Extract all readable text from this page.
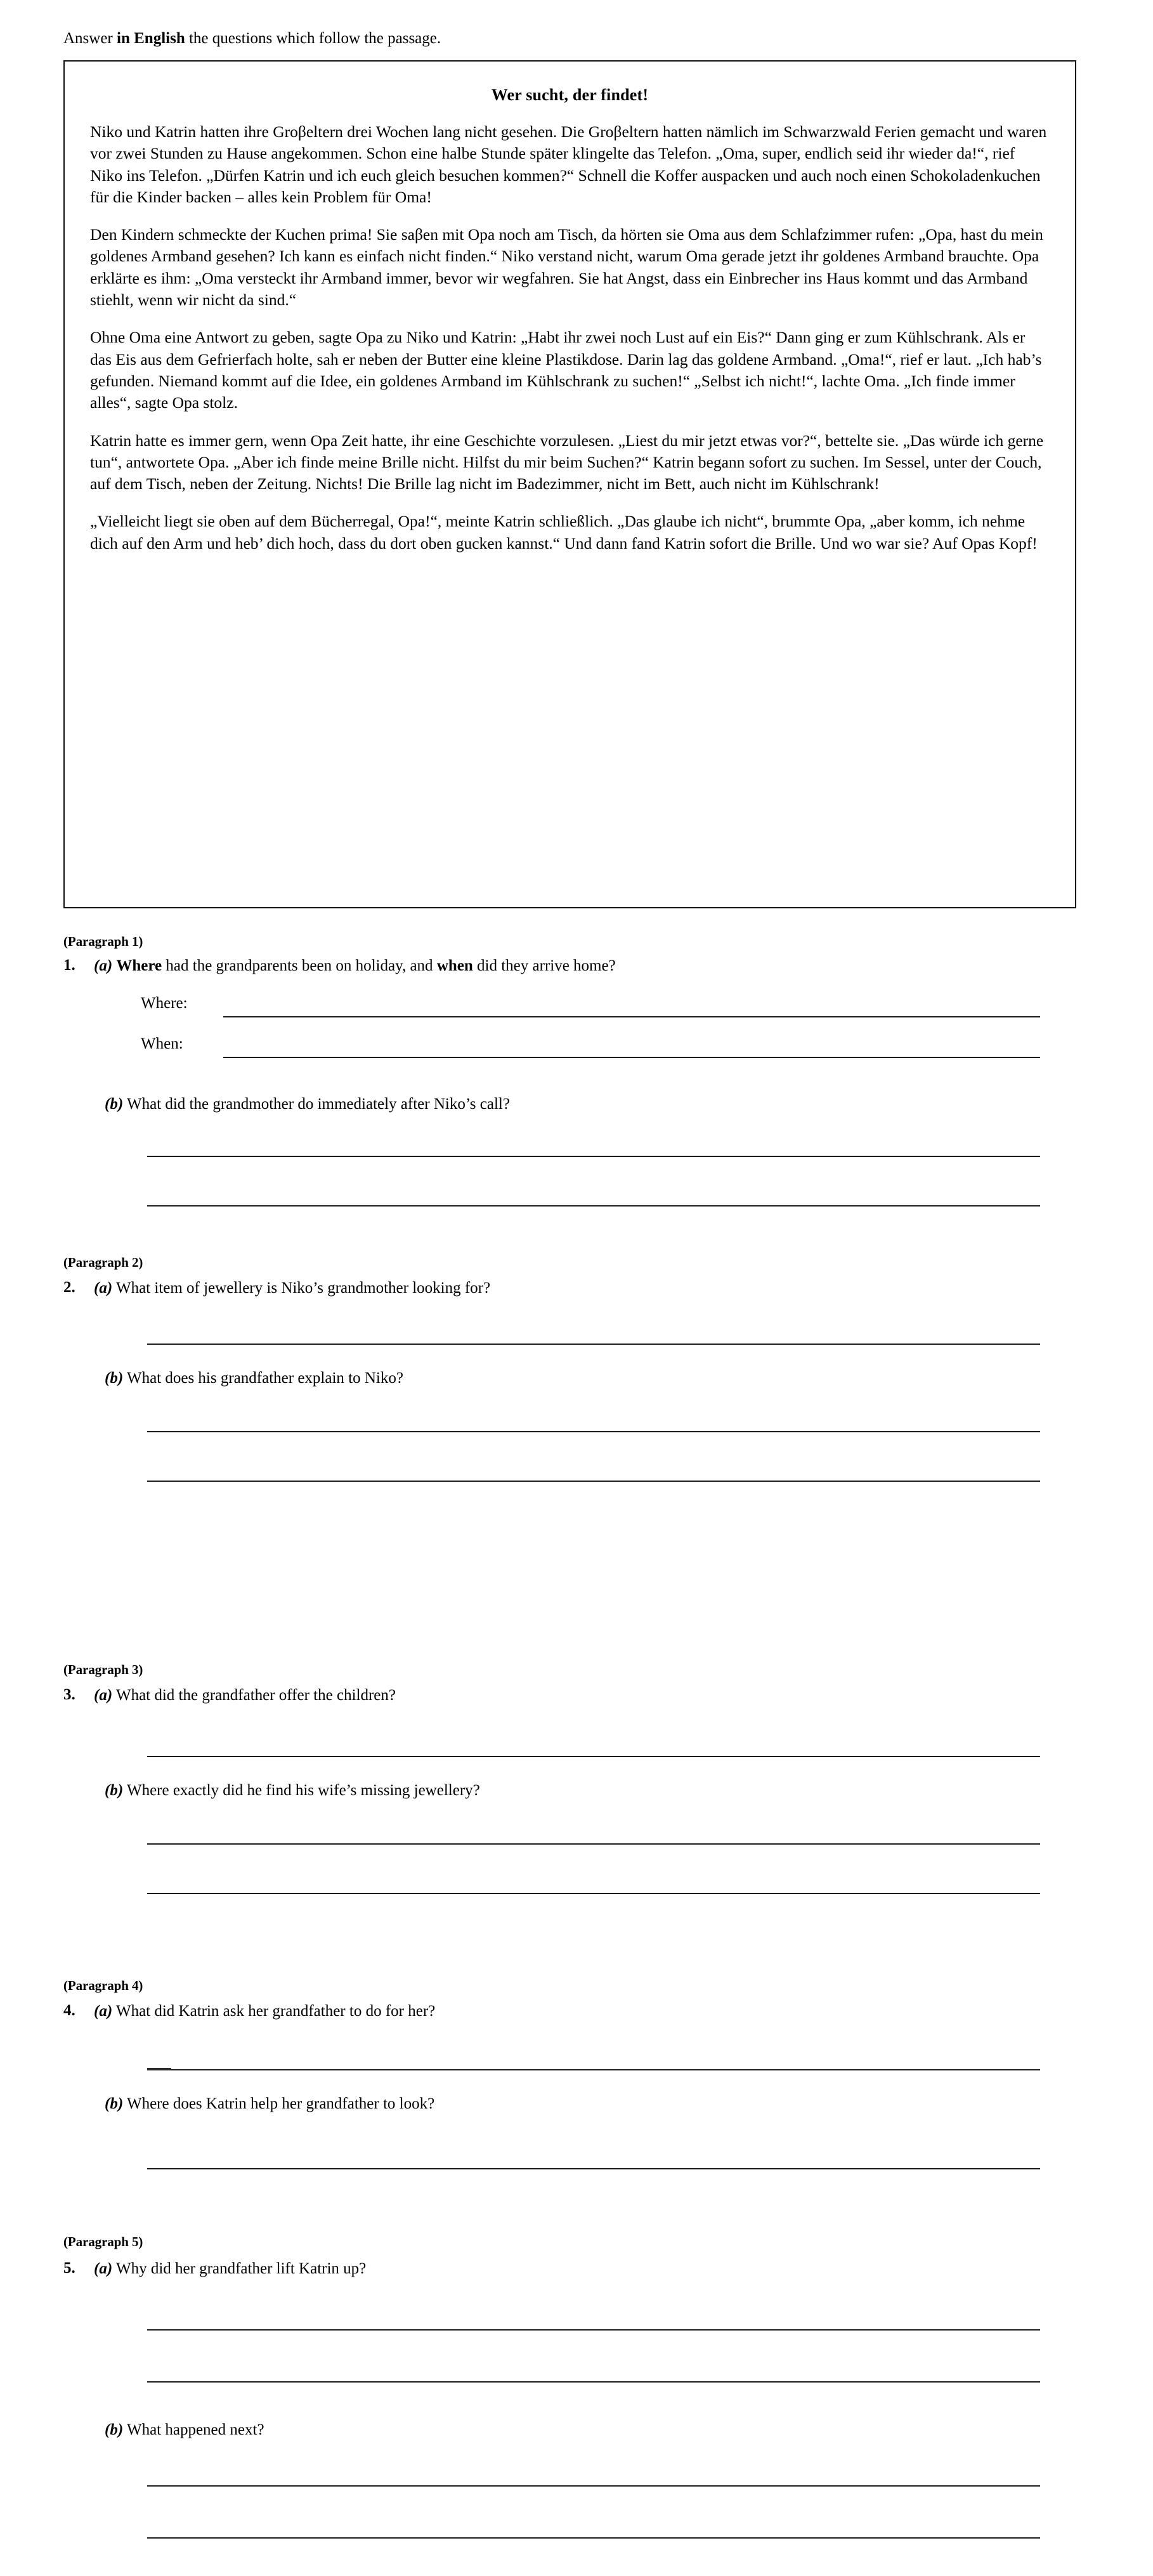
Answer in English the questions which follow the passage.
Wer sucht, der findet!

Niko und Katrin hatten ihre Groβeltern drei Wochen lang nicht gesehen. Die Groβeltern hatten nämlich im Schwarzwald Ferien gemacht und waren vor zwei Stunden zu Hause angekommen. Schon eine halbe Stunde später klingelte das Telefon. „Oma, super, endlich seid ihr wieder da!“, rief Niko ins Telefon. „Dürfen Katrin und ich euch gleich besuchen kommen?“ Schnell die Koffer auspacken und auch noch einen Schokoladenkuchen für die Kinder backen – alles kein Problem für Oma!

Den Kindern schmeckte der Kuchen prima! Sie saβen mit Opa noch am Tisch, da hörten sie Oma aus dem Schlafzimmer rufen: „Opa, hast du mein goldenes Armband gesehen? Ich kann es einfach nicht finden.“ Niko verstand nicht, warum Oma gerade jetzt ihr goldenes Armband brauchte. Opa erklärte es ihm: „Oma versteckt ihr Armband immer, bevor wir wegfahren. Sie hat Angst, dass ein Einbrecher ins Haus kommt und das Armband stiehlt, wenn wir nicht da sind.“

Ohne Oma eine Antwort zu geben, sagte Opa zu Niko und Katrin: „Habt ihr zwei noch Lust auf ein Eis?“ Dann ging er zum Kühlschrank. Als er das Eis aus dem Gefrierfach holte, sah er neben der Butter eine kleine Plastikdose. Darin lag das goldene Armband. „Oma!“, rief er laut. „Ich hab’s gefunden. Niemand kommt auf die Idee, ein goldenes Armband im Kühlschrank zu suchen!“ „Selbst ich nicht!“, lachte Oma. „Ich finde immer alles“, sagte Opa stolz.

Katrin hatte es immer gern, wenn Opa Zeit hatte, ihr eine Geschichte vorzulesen. „Liest du mir jetzt etwas vor?“, bettelte sie. „Das würde ich gerne tun“, antwortete Opa. „Aber ich finde meine Brille nicht. Hilfst du mir beim Suchen?“ Katrin begann sofort zu suchen. Im Sessel, unter der Couch, auf dem Tisch, neben der Zeitung. Nichts! Die Brille lag nicht im Badezimmer, nicht im Bett, auch nicht im Kühlschrank!

„Vielleicht liegt sie oben auf dem Bücherregal, Opa!“, meinte Katrin schließlich. „Das glaube ich nicht“, brummte Opa, „aber komm, ich nehme dich auf den Arm und heb’ dich hoch, dass du dort oben gucken kannst.“ Und dann fand Katrin sofort die Brille. Und wo war sie? Auf Opas Kopf!

(Paragraph 1)
1. (a) Where had the grandparents been on holiday, and when did they arrive home?
Where:
When:
(b) What did the grandmother do immediately after Niko’s call?
(Paragraph 2)
2. (a) What item of jewellery is Niko’s grandmother looking for?
(b) What does his grandfather explain to Niko?
(Paragraph 3)
3. (a) What did the grandfather offer the children?
(b) Where exactly did he find his wife’s missing jewellery?
(Paragraph 4)
4. (a) What did Katrin ask her grandfather to do for her?
(b) Where does Katrin help her grandfather to look?
(Paragraph 5)
5. (a) Why did her grandfather lift Katrin up?
(b) What happened next?
